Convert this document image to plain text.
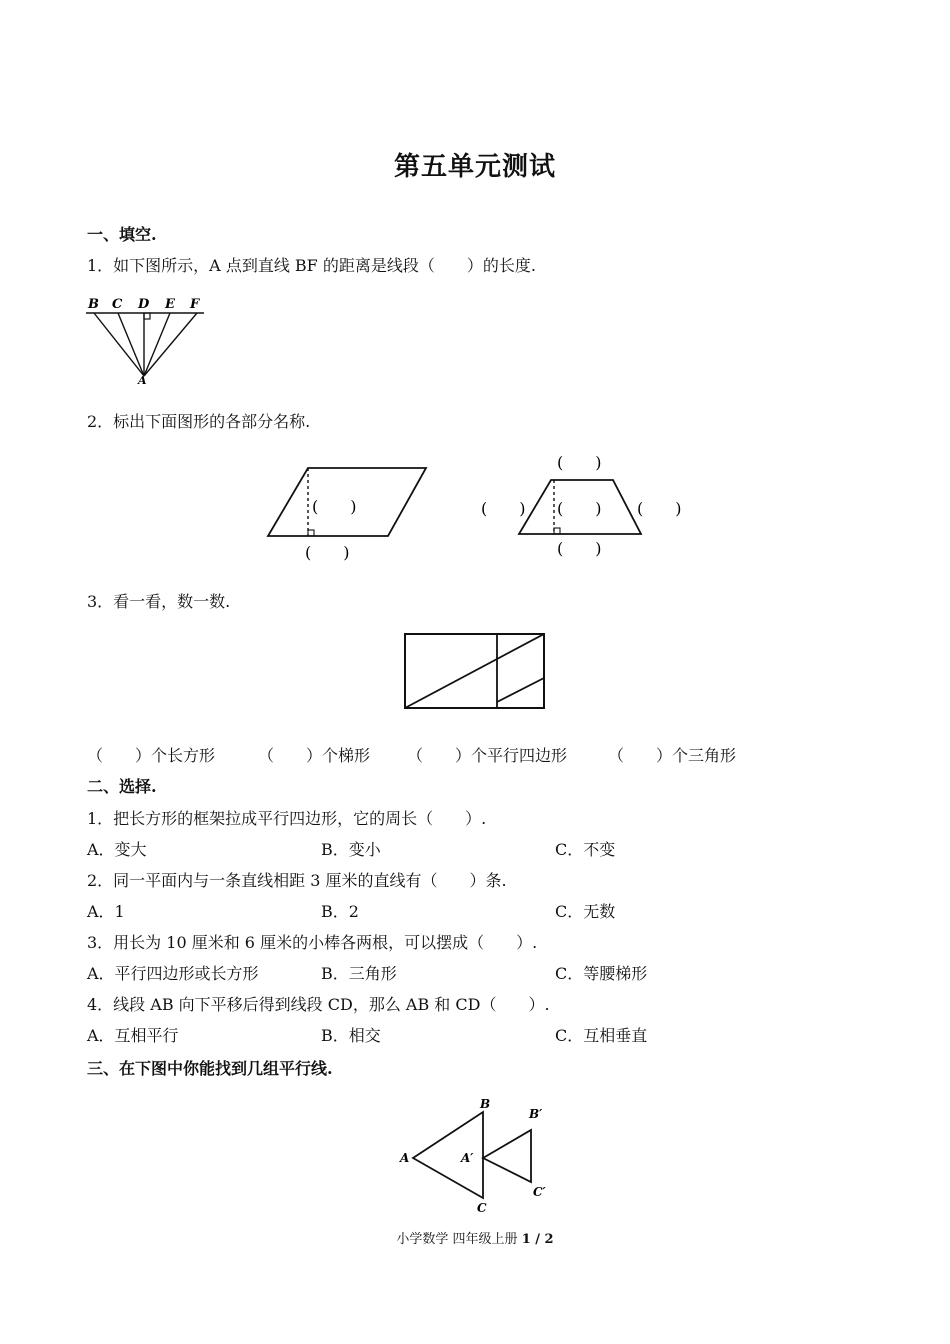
第五单元测试
一、填空.
1．如下图所示，A 点到直线 BF 的距离是线段（　　）的长度.
B C D E F
A
2．标出下面图形的各部分名称.
(　　)
(　　)
(　　)
(　　) (　　) (　　)
(　　)
3．看一看，数一数.
（　　）个长方形	（　　）个梯形 （　　）个平行四边形	（　　）个三角形
二、选择.
1．把长方形的框架拉成平行四边形，它的周长（　　）.
A．变大	B．变小	C．不变
2．同一平面内与一条直线相距 3 厘米的直线有（　　）条.
A．1	B．2	C．无数
3．用长为 10 厘米和 6 厘米的小棒各两根，可以摆成（　　）.
A．平行四边形或长方形	B．三角形	C．等腰梯形
4．线段 AB 向下平移后得到线段 CD，那么 AB 和 CD（　　）.
A．互相平行	B．相交	C．互相垂直
三、在下图中你能找到几组平行线.
A
B
C
A′
B′
C′
小学数学 四年级上册 1 / 2
